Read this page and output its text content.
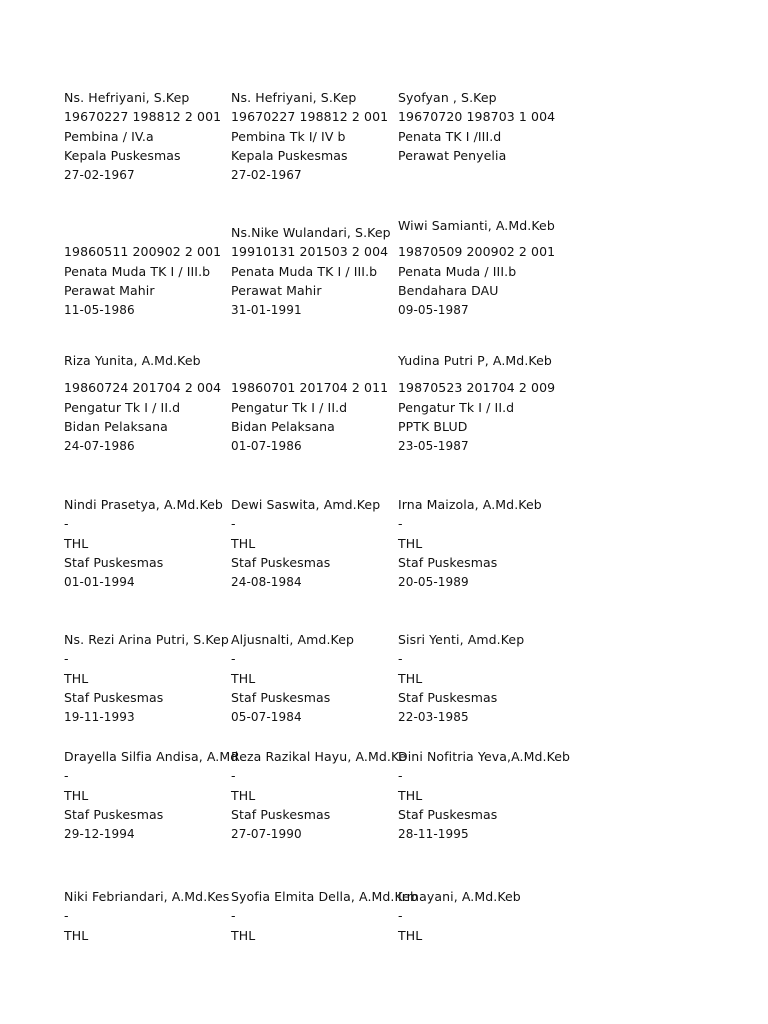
Ns. Hefriyani, S.Kep
19670227 198812 2 001
Pembina / IV.a
Kepala Puskesmas
27-02-1967
Ns. Hefriyani, S.Kep
19670227 198812 2 001
Pembina Tk I/ IV b
Kepala Puskesmas
27-02-1967
Syofyan , S.Kep
19670720 198703 1 004
Penata TK I /III.d
Perawat Penyelia
19860511 200902 2 001
Penata Muda TK I / III.b
Perawat Mahir
11-05-1986
Ns.Nike Wulandari, S.Kep
19910131 201503 2 004
Penata Muda TK I / III.b
Perawat Mahir
31-01-1991
Wiwi Samianti, A.Md.Keb
19870509 200902 2 001
Penata Muda / III.b
Bendahara DAU
09-05-1987
Riza Yunita, A.Md.Keb
19860724 201704 2 004
Pengatur Tk I / II.d
Bidan Pelaksana
24-07-1986
19860701 201704 2 011
Pengatur Tk I / II.d
Bidan Pelaksana
01-07-1986
Yudina Putri P, A.Md.Keb
19870523 201704 2 009
Pengatur Tk I / II.d
PPTK BLUD
23-05-1987
Nindi Prasetya, A.Md.Keb
-
THL
Staf Puskesmas
01-01-1994
Dewi Saswita, Amd.Kep
-
THL
Staf Puskesmas
24-08-1984
Irna Maizola, A.Md.Keb
-
THL
Staf Puskesmas
20-05-1989
Ns. Rezi Arina Putri, S.Kep
-
THL
Staf Puskesmas
19-11-1993
Aljusnalti, Amd.Kep
-
THL
Staf Puskesmas
05-07-1984
Sisri Yenti, Amd.Kep
-
THL
Staf Puskesmas
22-03-1985
Drayella Silfia Andisa, A.Md
-
THL
Staf Puskesmas
29-12-1994
Reza Razikal Hayu, A.Md.Ke
-
THL
Staf Puskesmas
27-07-1990
Dini Nofitria Yeva,A.Md.Keb
-
THL
Staf Puskesmas
28-11-1995
Niki Febriandari, A.Md.Kes
-
THL
Syofia Elmita Della, A.Md.Keb
-
THL
Irmayani, A.Md.Keb
-
THL
